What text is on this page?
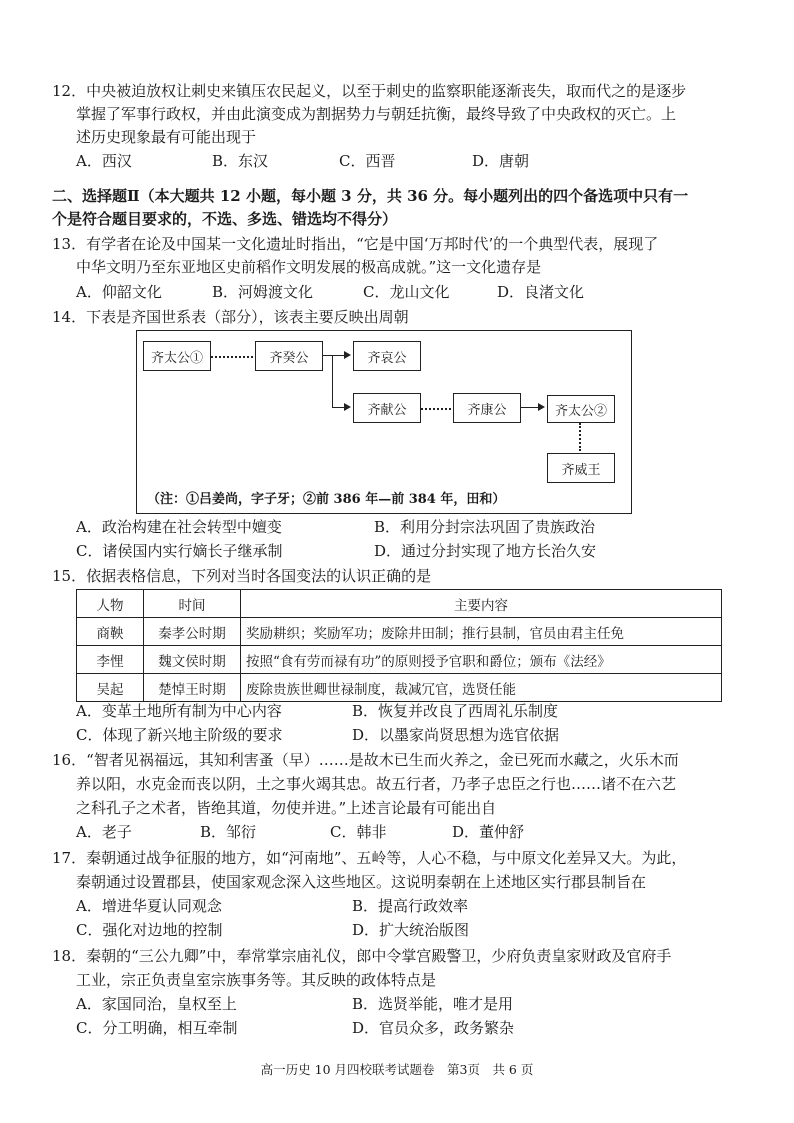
12．中央被迫放权让刺史来镇压农民起义，以至于刺史的监察职能逐渐丧失，取而代之的是逐步
掌握了军事行政权，并由此演变成为割据势力与朝廷抗衡，最终导致了中央政权的灭亡。上
述历史现象最有可能出现于
A．西汉	B．东汉	C．西晋	D．唐朝
二、选择题Ⅱ（本大题共 12 小题，每小题 3 分，共 36 分。每小题列出的四个备选项中只有一
个是符合题目要求的，不选、多选、错选均不得分）
13．有学者在论及中国某一文化遗址时指出，“它是中国‘万邦时代’的一个典型代表，展现了
中华文明乃至东亚地区史前稻作文明发展的极高成就。”这一文化遗存是
A．仰韶文化	B．河姆渡文化	C．龙山文化	D．良渚文化
14．下表是齐国世系表（部分），该表主要反映出周朝
齐太公①	齐癸公	齐哀公
齐献公	齐康公	齐太公②
齐威王
（注：①吕姜尚，字子牙；②前 386 年—前 384 年，田和）
A．政治构建在社会转型中嬗变	B．利用分封宗法巩固了贵族政治
C．诸侯国内实行嫡长子继承制	D．通过分封实现了地方长治久安
15．依据表格信息，下列对当时各国变法的认识正确的是
人物	时间	主要内容
商鞅	秦孝公时期	奖励耕织；奖励军功；废除井田制；推行县制，官员由君主任免
李悝	魏文侯时期	按照“食有劳而禄有功”的原则授予官职和爵位；颁布《法经》
吴起	楚悼王时期	废除贵族世卿世禄制度，裁减冗官，选贤任能
A．变革土地所有制为中心内容	B．恢复并改良了西周礼乐制度
C．体现了新兴地主阶级的要求	D．以墨家尚贤思想为选官依据
16．“智者见祸福远，其知利害蚤（早）……是故木已生而火养之，金已死而水藏之，火乐木而
养以阳，水克金而丧以阴，土之事火竭其忠。故五行者，乃孝子忠臣之行也……诸不在六艺
之科孔子之术者，皆绝其道，勿使并进。”上述言论最有可能出自
A．老子	B．邹衍	C．韩非	D．董仲舒
17．秦朝通过战争征服的地方，如“河南地”、五岭等，人心不稳，与中原文化差异又大。为此，
秦朝通过设置郡县，使国家观念深入这些地区。这说明秦朝在上述地区实行郡县制旨在
A．增进华夏认同观念	B．提高行政效率
C．强化对边地的控制	D．扩大统治版图
18．秦朝的“三公九卿”中，奉常掌宗庙礼仪，郎中令掌宫殿警卫，少府负责皇家财政及官府手
工业，宗正负责皇室宗族事务等。其反映的政体特点是
A．家国同治，皇权至上	B．选贤举能，唯才是用
C．分工明确，相互牵制	D．官员众多，政务繁杂
高一历史 10 月四校联考试题卷　第3页　共 6 页
